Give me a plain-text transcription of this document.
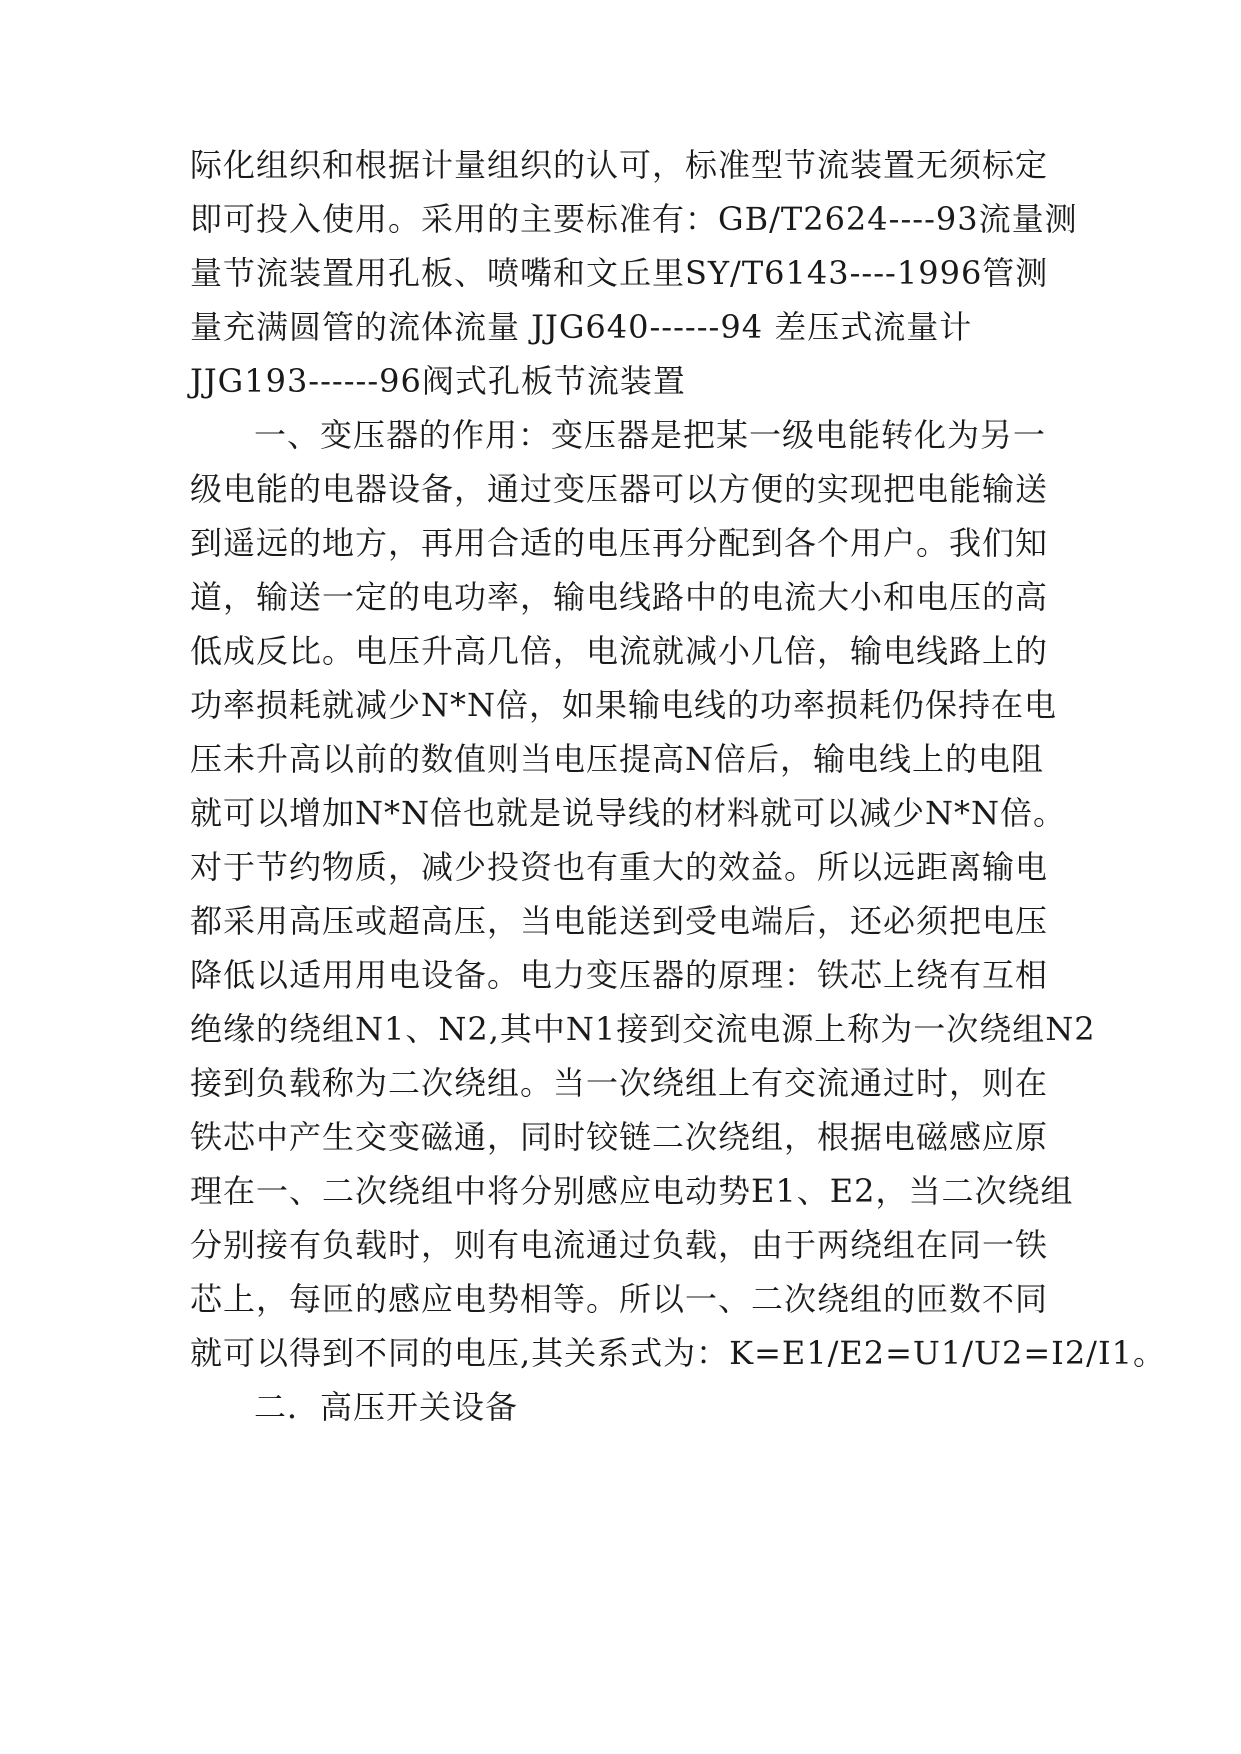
际化组织和根据计量组织的认可，标准型节流装置无须标定
即可投入使用。采用的主要标准有：GB/T2624----93流量测
量节流装置用孔板、喷嘴和文丘里SY/T6143----1996管测
量充满圆管的流体流量 JJG640------94 差压式流量计
JJG193------96阀式孔板节流装置
一、变压器的作用：变压器是把某一级电能转化为另一
级电能的电器设备，通过变压器可以方便的实现把电能输送
到遥远的地方，再用合适的电压再分配到各个用户。我们知
道，输送一定的电功率，输电线路中的电流大小和电压的高
低成反比。电压升高几倍，电流就减小几倍，输电线路上的
功率损耗就减少N*N倍，如果输电线的功率损耗仍保持在电
压未升高以前的数值则当电压提高N倍后，输电线上的电阻
就可以增加N*N倍也就是说导线的材料就可以减少N*N倍。
对于节约物质，减少投资也有重大的效益。所以远距离输电
都采用高压或超高压，当电能送到受电端后，还必须把电压
降低以适用用电设备。电力变压器的原理：铁芯上绕有互相
绝缘的绕组N1、N2,其中N1接到交流电源上称为一次绕组N2
接到负载称为二次绕组。当一次绕组上有交流通过时，则在
铁芯中产生交变磁通，同时铰链二次绕组，根据电磁感应原
理在一、二次绕组中将分别感应电动势E1、E2，当二次绕组
分别接有负载时，则有电流通过负载，由于两绕组在同一铁
芯上，每匝的感应电势相等。所以一、二次绕组的匝数不同
就可以得到不同的电压,其关系式为：K=E1/E2=U1/U2=I2/I1。
二．高压开关设备
